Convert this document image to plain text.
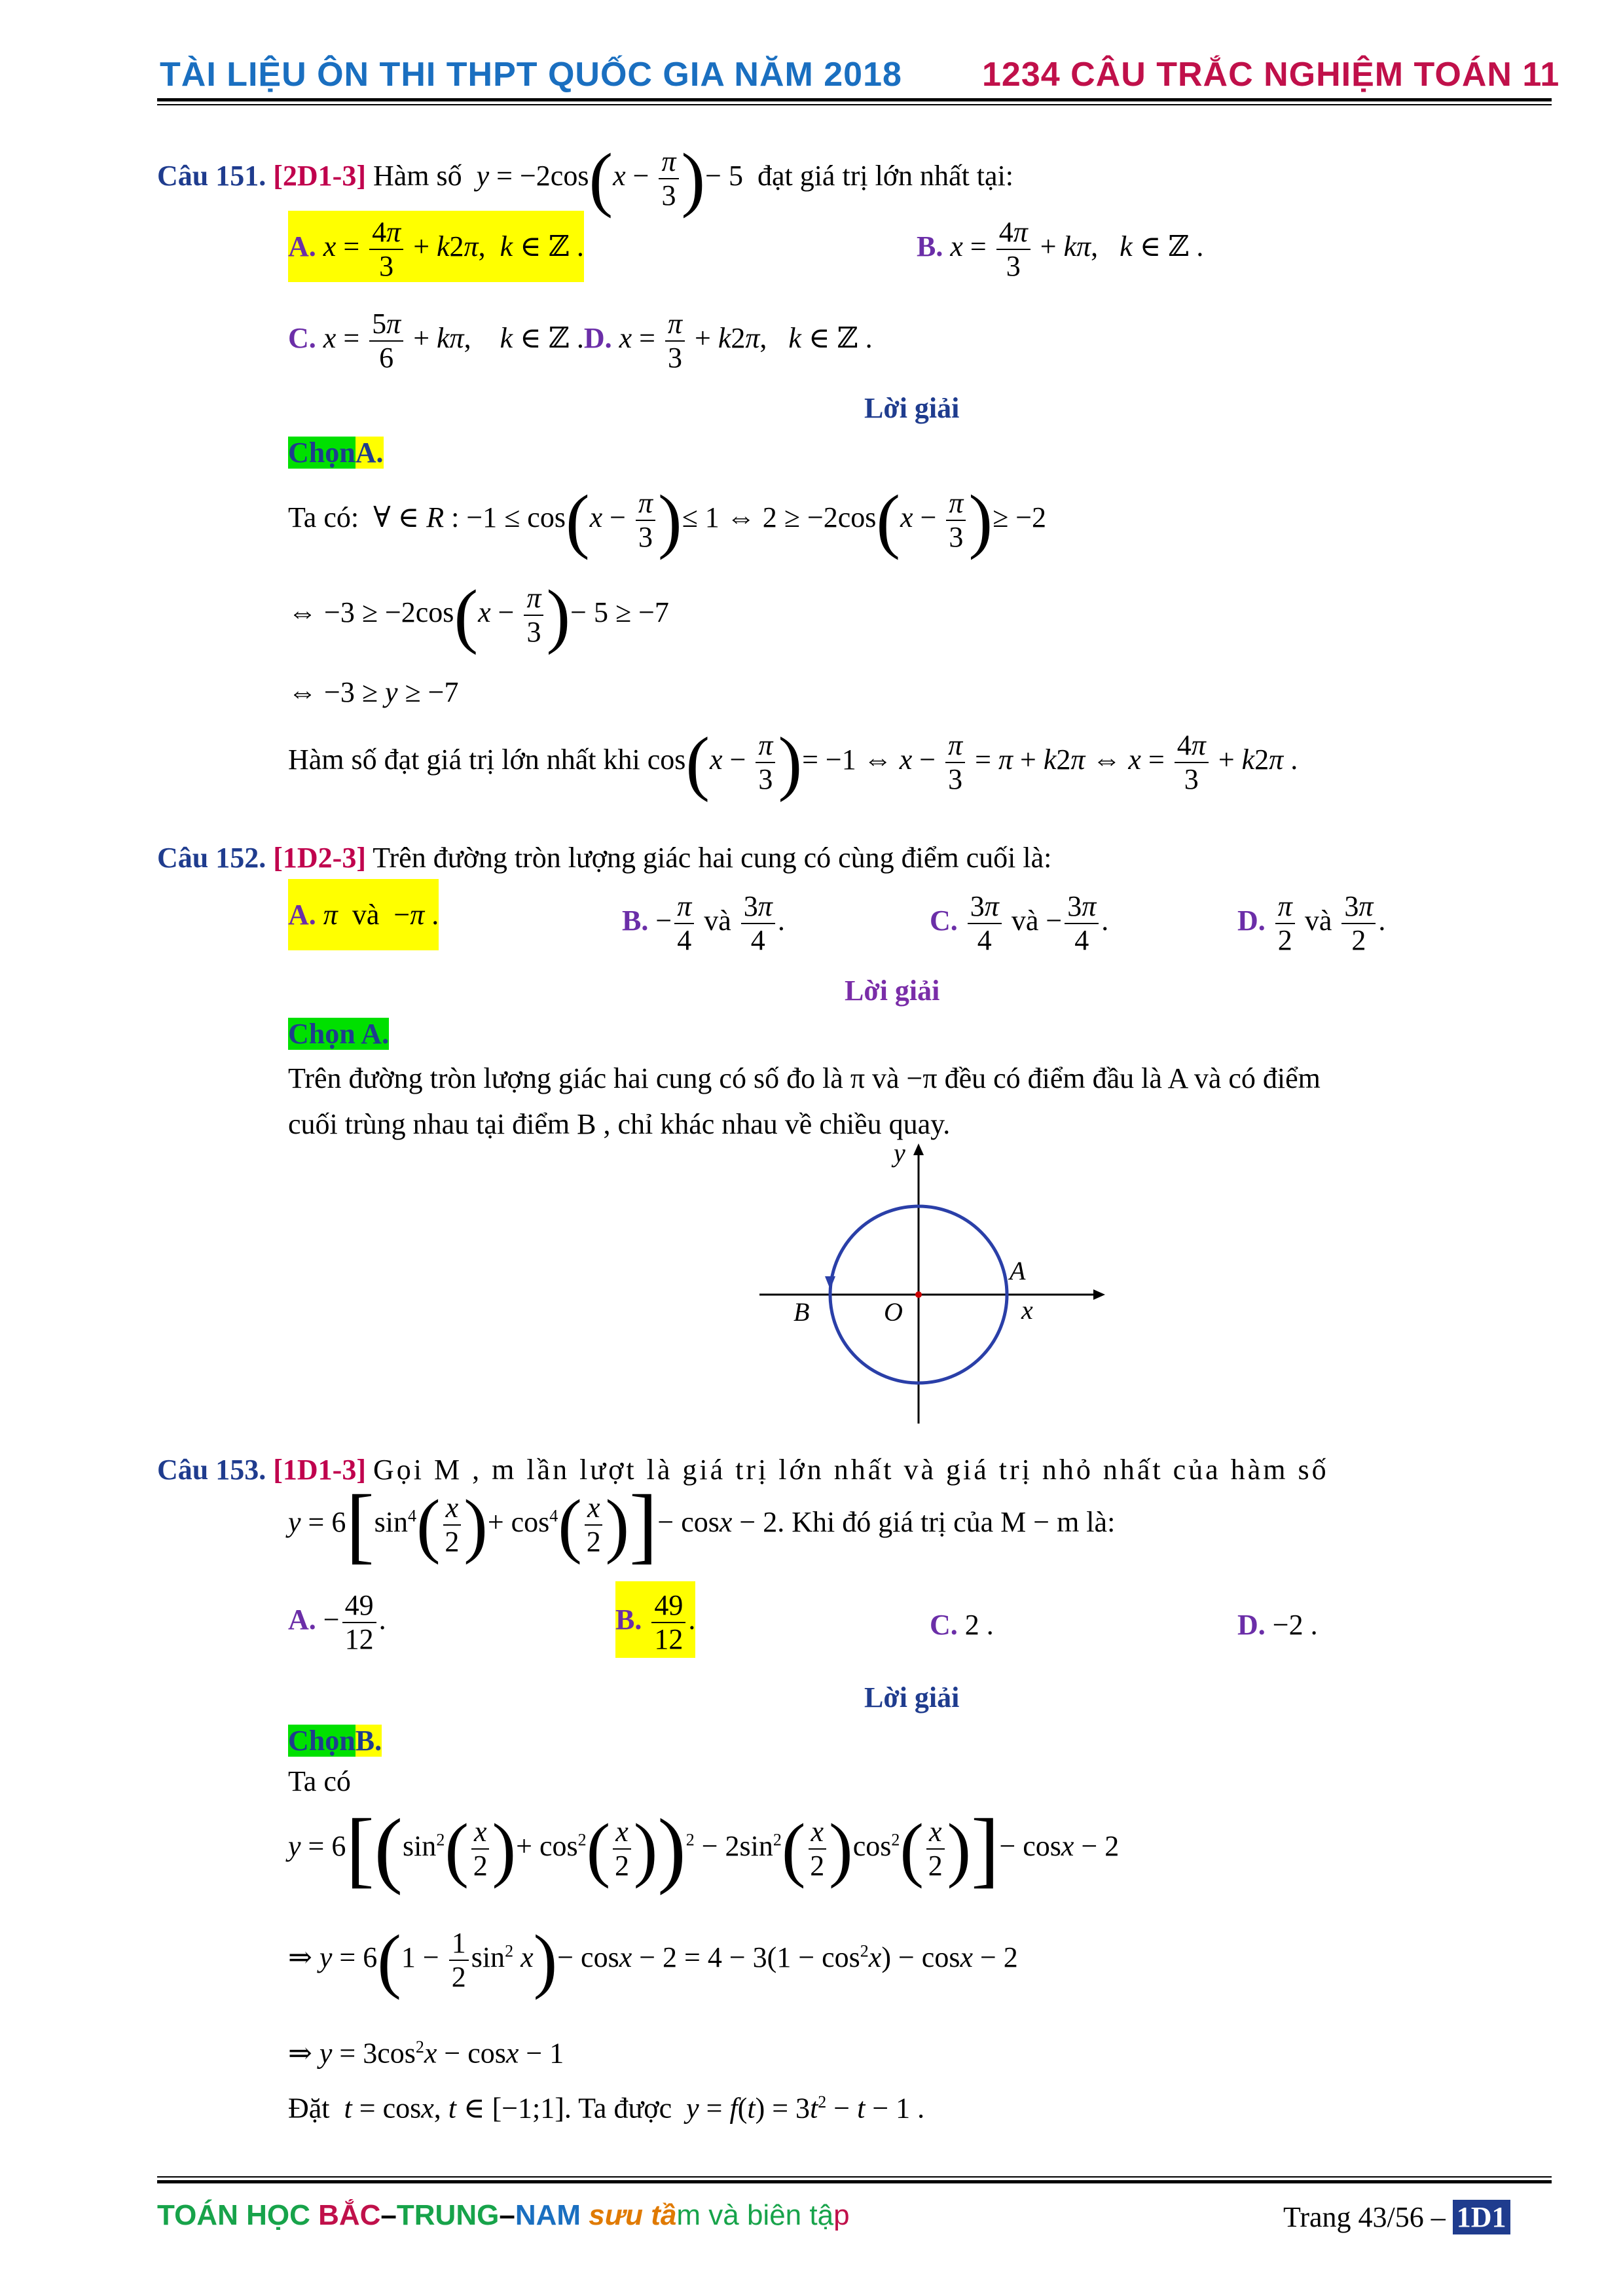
TÀI LIỆU ÔN THI THPT QUỐC GIA NĂM 2018 1234 CÂU TRẮC NGHIỆM TOÁN 11
Câu 151. [2D1-3] Hàm số  $y = -2\cos(x - \frac{\pi}{3}$ )− 5  đạt giá trị lớn nhất tại:
A. $x = \frac{4\pi}{3} + k2\pi$,  k ∈ ℤ .	B. $x = \frac{4\pi}{3} + k\pi$,   k ∈ ℤ .
C. $x = \frac{5\pi}{6} + k\pi$,    k ∈ ℤ .D. $x = \frac{\pi}{3} + k2\pi$,   k ∈ ℤ .
Lời giải
ChọnA.
Ta có:  ∀ ∈ R : $-1 \le \cos(x - \frac{\pi}{3}$ )≤ 1 ⇔ $2 \ge -2\cos(x - \frac{\pi}{3}$ )≥ −2
⇔ $-3 \ge -2\cos(x - \frac{\pi}{3}$ )− 5 ≥ −7
⇔ −3 ≥ y ≥ −7
Hàm số đạt giá trị lớn nhất khi $\cos(x - \frac{\pi}{3}$ )= −1 ⇔ $x - \frac{\pi}{3} = \pi + k2\pi$ ⇔ $x = \frac{4\pi}{3} + k2\pi$ .
Câu 152. [1D2-3] Trên đường tròn lượng giác hai cung có cùng điểm cuối là:
A. π và  −π .	B. − $\frac{\pi}{4}$ và $\frac{3\pi}{4}$ .	C. $\frac{3\pi}{4}$ và − $\frac{3\pi}{4}$ .	D. $\frac{\pi}{2}$ và $\frac{3\pi}{2}$ .
Lời giải
Chọn A.
Trên đường tròn lượng giác hai cung có số đo là π và −π đều có điểm đầu là A và có điểm
cuối trùng nhau tại điểm B , chỉ khác nhau về chiều quay.
y
x
A
B	O
Câu 153. [1D1-3] Gọi M , m lần lượt là giá trị lớn nhất và giá trị nhỏ nhất của hàm số
$y = 6[\sin^4( \frac{x}{2}$ )+ $\cos^4( \frac{x}{2}$ )]− cosx − 2. Khi đó giá trị của M − m là:
A. − $\frac{49}{12}$ .	B. $\frac{49}{12}$ .	C. 2 .	D. −2 .
Lời giải
ChọnB.
Ta có
$y = 6[(\sin^2( \frac{x}{2}$ )+ $\cos^2( \frac{x}{2} ))^2 - 2\sin^2( \frac{x}{2} )\cos^2( \frac{x}{2}$ )]− cosx − 2
⇒ $y = 6(1 - \frac{1}{2} \sin^2 x)- \cos x - 2 = 4 - 3(1 - \cos^2x) - \cos x - 2$
⇒ $y = 3\cos^2x - \cos x - 1$
Đặt t = cosx, t ∈ [−1;1]. Ta được $y = f(t) = 3t^2 - t - 1$ .
TOÁN HỌC BẮC–TRUNG–NAM sưu tầm và biên tập	Trang 43/56 – 1D1
